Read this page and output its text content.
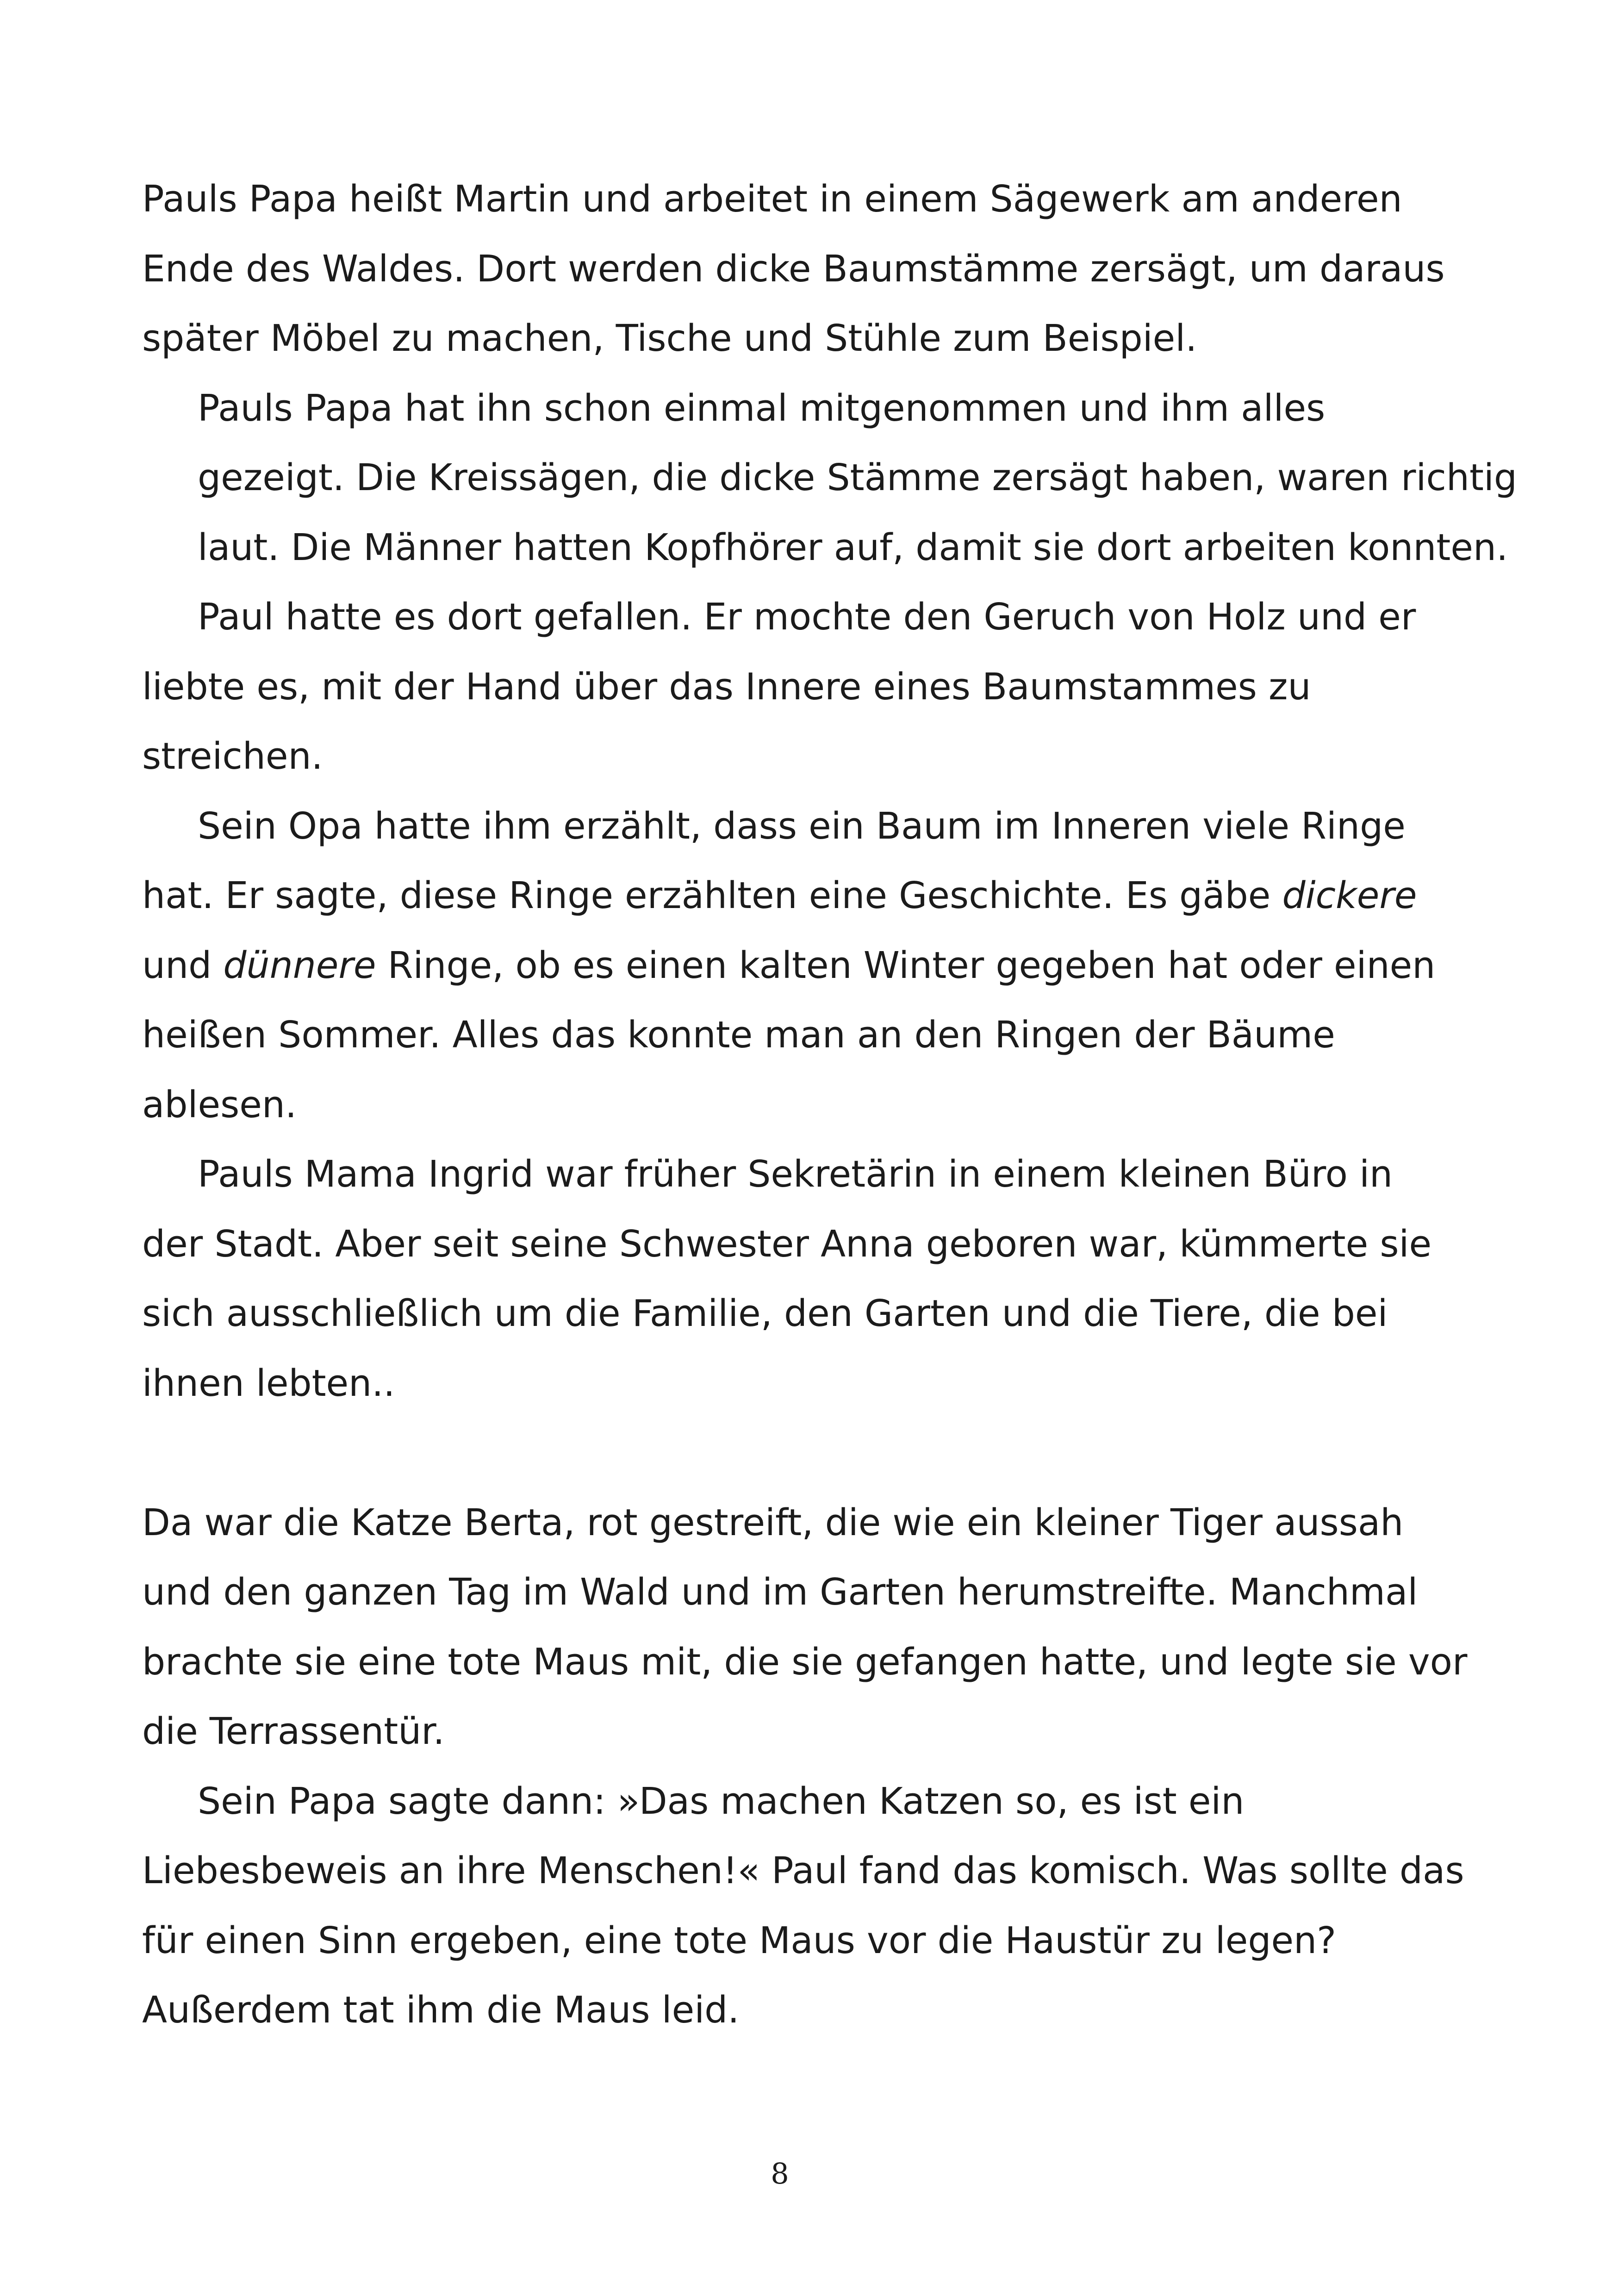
Pauls Papa heißt Martin und arbeitet in einem Sägewerk am anderen
Ende des Waldes. Dort werden dicke Baumstämme zersägt, um daraus
später Möbel zu machen, Tische und Stühle zum Beispiel.

Pauls Papa hat ihn schon einmal mitgenommen und ihm alles
gezeigt. Die Kreissägen, die dicke Stämme zersägt haben, waren richtig
laut. Die Männer hatten Kopfhörer auf, damit sie dort arbeiten konnten.

Paul hatte es dort gefallen. Er mochte den Geruch von Holz und er
liebte es, mit der Hand über das Innere eines Baumstammes zu
streichen.

Sein Opa hatte ihm erzählt, dass ein Baum im Inneren viele Ringe
hat. Er sagte, diese Ringe erzählten eine Geschichte. Es gäbe dickere
und dünnere Ringe, ob es einen kalten Winter gegeben hat oder einen
heißen Sommer. Alles das konnte man an den Ringen der Bäume
ablesen.

Pauls Mama Ingrid war früher Sekretärin in einem kleinen Büro in
der Stadt. Aber seit seine Schwester Anna geboren war, kümmerte sie
sich ausschließlich um die Familie, den Garten und die Tiere, die bei
ihnen lebten..

Da war die Katze Berta, rot gestreift, die wie ein kleiner Tiger aussah
und den ganzen Tag im Wald und im Garten herumstreifte. Manchmal
brachte sie eine tote Maus mit, die sie gefangen hatte, und legte sie vor
die Terrassentür.

Sein Papa sagte dann: »Das machen Katzen so, es ist ein
Liebesbeweis an ihre Menschen!« Paul fand das komisch. Was sollte das
für einen Sinn ergeben, eine tote Maus vor die Haustür zu legen?
Außerdem tat ihm die Maus leid.

8
